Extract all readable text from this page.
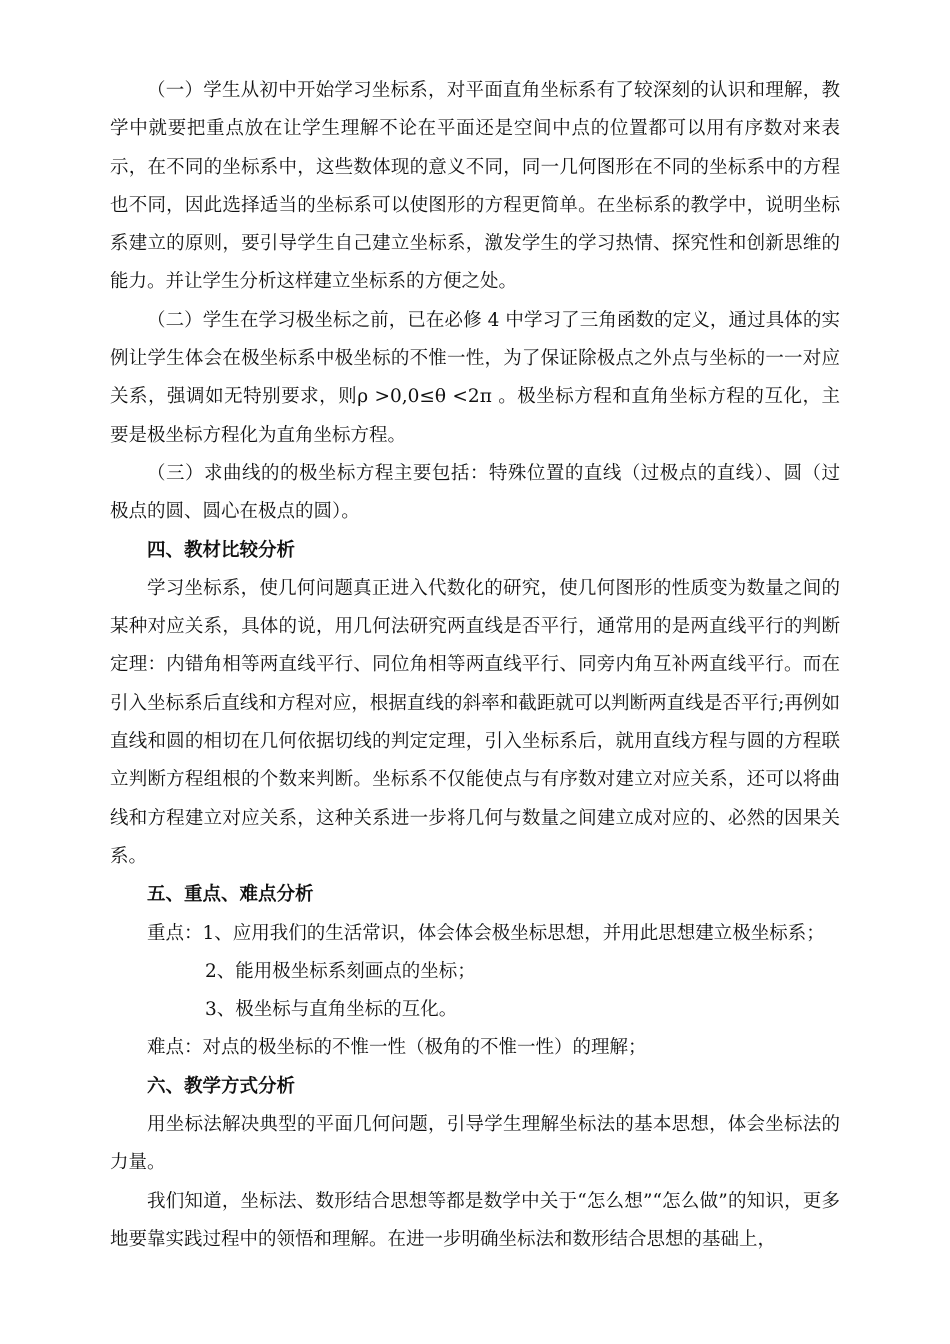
（一）学生从初中开始学习坐标系，对平面直角坐标系有了较深刻的认识和理解，教学中就要把重点放在让学生理解不论在平面还是空间中点的位置都可以用有序数对来表示，在不同的坐标系中，这些数体现的意义不同，同一几何图形在不同的坐标系中的方程也不同，因此选择适当的坐标系可以使图形的方程更简单。在坐标系的教学中，说明坐标系建立的原则，要引导学生自己建立坐标系，激发学生的学习热情、探究性和创新思维的能力。并让学生分析这样建立坐标系的方便之处。

（二）学生在学习极坐标之前，已在必修 4 中学习了三角函数的定义，通过具体的实例让学生体会在极坐标系中极坐标的不惟一性，为了保证除极点之外点与坐标的一一对应关系，强调如无特别要求，则ρ >0,0≤θ <2π 。极坐标方程和直角坐标方程的互化，主要是极坐标方程化为直角坐标方程。

（三）求曲线的的极坐标方程主要包括：特殊位置的直线（过极点的直线）、圆（过极点的圆、圆心在极点的圆）。

四、教材比较分析

学习坐标系，使几何问题真正进入代数化的研究，使几何图形的性质变为数量之间的某种对应关系，具体的说，用几何法研究两直线是否平行，通常用的是两直线平行的判断定理：内错角相等两直线平行、同位角相等两直线平行、同旁内角互补两直线平行。而在引入坐标系后直线和方程对应，根据直线的斜率和截距就可以判断两直线是否平行;再例如直线和圆的相切在几何依据切线的判定定理，引入坐标系后，就用直线方程与圆的方程联立判断方程组根的个数来判断。坐标系不仅能使点与有序数对建立对应关系，还可以将曲线和方程建立对应关系，这种关系进一步将几何与数量之间建立成对应的、必然的因果关系。

五、重点、难点分析

重点：1、应用我们的生活常识，体会体会极坐标思想，并用此思想建立极坐标系；

2、能用极坐标系刻画点的坐标；

3、极坐标与直角坐标的互化。

难点：对点的极坐标的不惟一性（极角的不惟一性）的理解；

六、教学方式分析

用坐标法解决典型的平面几何问题，引导学生理解坐标法的基本思想，体会坐标法的力量。

我们知道，坐标法、数形结合思想等都是数学中关于“怎么想”“怎么做”的知识，更多地要靠实践过程中的领悟和理解。在进一步明确坐标法和数形结合思想的基础上，
